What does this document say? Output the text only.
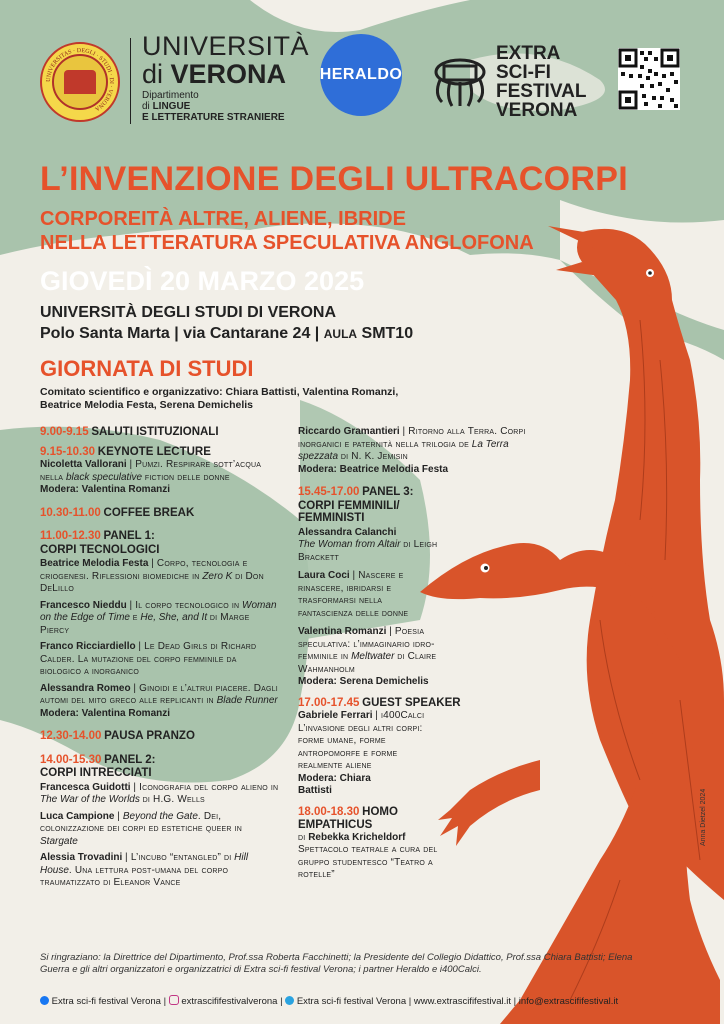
UNIVERSITAS · DEGLI · STUDI · DI · VERONA
UNIVERSITÀ
di VERONA
Dipartimento
di LINGUE
E LETTERATURE STRANIERE
HERALDO
EXTRA
SCI-FI
FESTIVAL
VERONA
L’INVENZIONE DEGLI ULTRACORPI
CORPOREITÀ ALTRE, ALIENE, IBRIDE
NELLA LETTERATURA SPECULATIVA ANGLOFONA
GIOVEDÌ 20 MARZO 2025
UNIVERSITÀ DEGLI STUDI DI VERONA
Polo Santa Marta | via Cantarane 24 | AULA SMT10
GIORNATA DI STUDI
Comitato scientifico e organizzativo: Chiara Battisti, Valentina Romanzi,
Beatrice Melodia Festa, Serena Demichelis
9.00-9.15 SALUTI ISTITUZIONALI
9.15-10.30 KEYNOTE LECTURE
Nicoletta Vallorani | Pumzi. Respirare sott’acqua nella black speculative fiction delle donne
Modera: Valentina Romanzi
10.30-11.00 COFFEE BREAK
11.00-12.30 PANEL 1:
CORPI TECNOLOGICI
Beatrice Melodia Festa | Corpo, tecnologia e criogenesi. Riflessioni biomediche in Zero K di Don DeLillo
Francesco Nieddu | Il corpo tecnologico in Woman on the Edge of Time e He, She, and It di Marge Piercy
Franco Ricciardiello | Le Dead Girls di Richard Calder. La mutazione del corpo femminile da biologico a inorganico
Alessandra Romeo | Ginoidi e l’altrui piacere. Dagli automi del mito greco alle replicanti in Blade Runner
Modera: Valentina Romanzi
12.30-14.00 PAUSA PRANZO
14.00-15.30 PANEL 2:
CORPI INTRECCIATI
Francesca Guidotti | Iconografia del corpo alieno in The War of the Worlds di H.G. Wells
Luca Campione | Beyond the Gate. Dei, colonizzazione dei corpi ed estetiche queer in Stargate
Alessia Trovadini | L’incubo “entangled” di Hill House. Una lettura post-umana del corpo traumatizzato di Eleanor Vance
Riccardo Gramantieri | Ritorno alla Terra. Corpi inorganici e paternità nella trilogia de La Terra spezzata di N. K. Jemisin
Modera: Beatrice Melodia Festa
15.45-17.00 PANEL 3:
CORPI FEMMINILI/
FEMMINISTI
Alessandra Calanchi
The Woman from Altair di Leigh Brackett
Laura Coci | Nascere e rinascere, ibridarsi e trasformarsi nella fantascienza delle donne
Valentina Romanzi | Poesia speculativa: l’immaginario idro-femminile in Meltwater di Claire Wahmanholm
Modera: Serena Demichelis
17.00-17.45 GUEST SPEAKER
Gabriele Ferrari | i400Calci
L’invasione degli altri corpi: forme umane, forme antropomorfe e forme realmente aliene
Modera: Chiara
Battisti
18.00-18.30 HOMO
EMPATHICUS
di Rebekka Kricheldorf
Spettacolo teatrale a cura del gruppo studentesco “Teatro a rotelle”
Anna Dietzel 2024
Si ringraziano: la Direttrice del Dipartimento, Prof.ssa Roberta Facchinetti; la Presidente del Collegio Didattico, Prof.ssa Chiara Battisti; Elena Guerra e gli altri organizzatori e organizzatrici di Extra sci-fi festival Verona; i partner Heraldo e i400Calci.
Extra sci-fi festival Verona |  extrascififestivalverona |  Extra sci-fi festival Verona | www.extrascififestival.it | info@extrascififestival.it
